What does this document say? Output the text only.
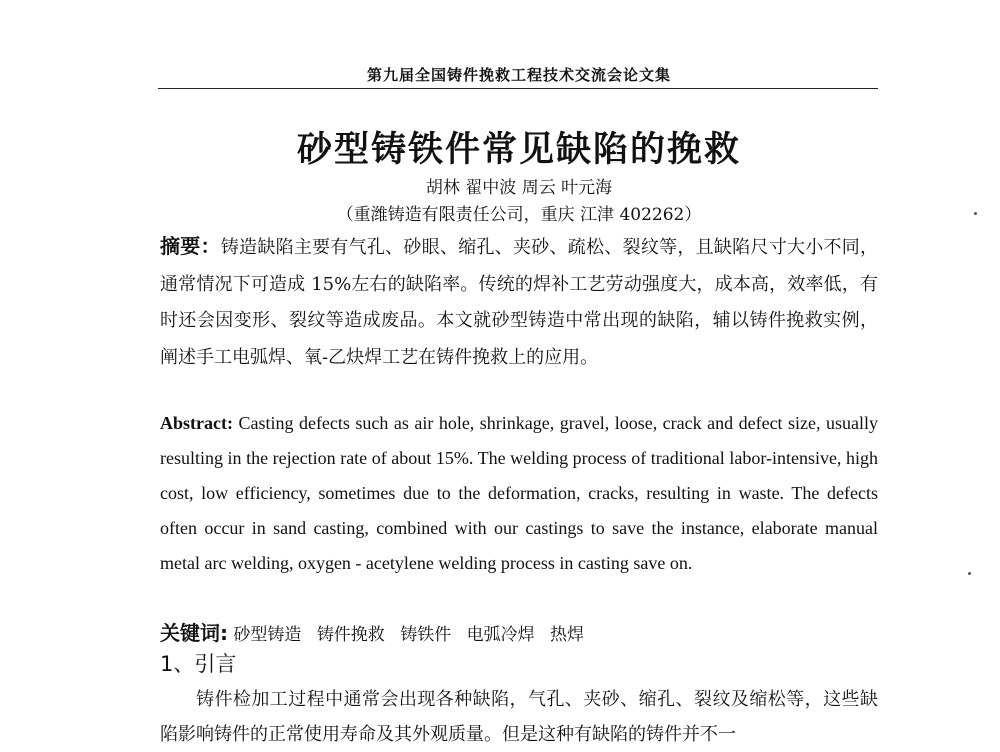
第九届全国铸件挽救工程技术交流会论文集
砂型铸铁件常见缺陷的挽救
胡林 翟中波 周云 叶元海
（重潍铸造有限责任公司，重庆 江津 402262）
摘要：铸造缺陷主要有气孔、砂眼、缩孔、夹砂、疏松、裂纹等，且缺陷尺寸大小不同，通常情况下可造成 15%左右的缺陷率。传统的焊补工艺劳动强度大，成本高，效率低，有时还会因变形、裂纹等造成废品。本文就砂型铸造中常出现的缺陷，辅以铸件挽救实例，阐述手工电弧焊、氧-乙炔焊工艺在铸件挽救上的应用。
Abstract: Casting defects such as air hole, shrinkage, gravel, loose, crack and defect size, usually resulting in the rejection rate of about 15%. The welding process of traditional labor-intensive, high cost, low efficiency, sometimes due to the deformation, cracks, resulting in waste. The defects often occur in sand casting, combined with our castings to save the instance, elaborate manual metal arc welding, oxygen - acetylene welding process in casting save on.
关键词: 砂型铸造 铸件挽救 铸铁件 电弧冷焊 热焊
1、引言
铸件检加工过程中通常会出现各种缺陷，气孔、夹砂、缩孔、裂纹及缩松等，这些缺陷影响铸件的正常使用寿命及其外观质量。但是这种有缺陷的铸件并不一
